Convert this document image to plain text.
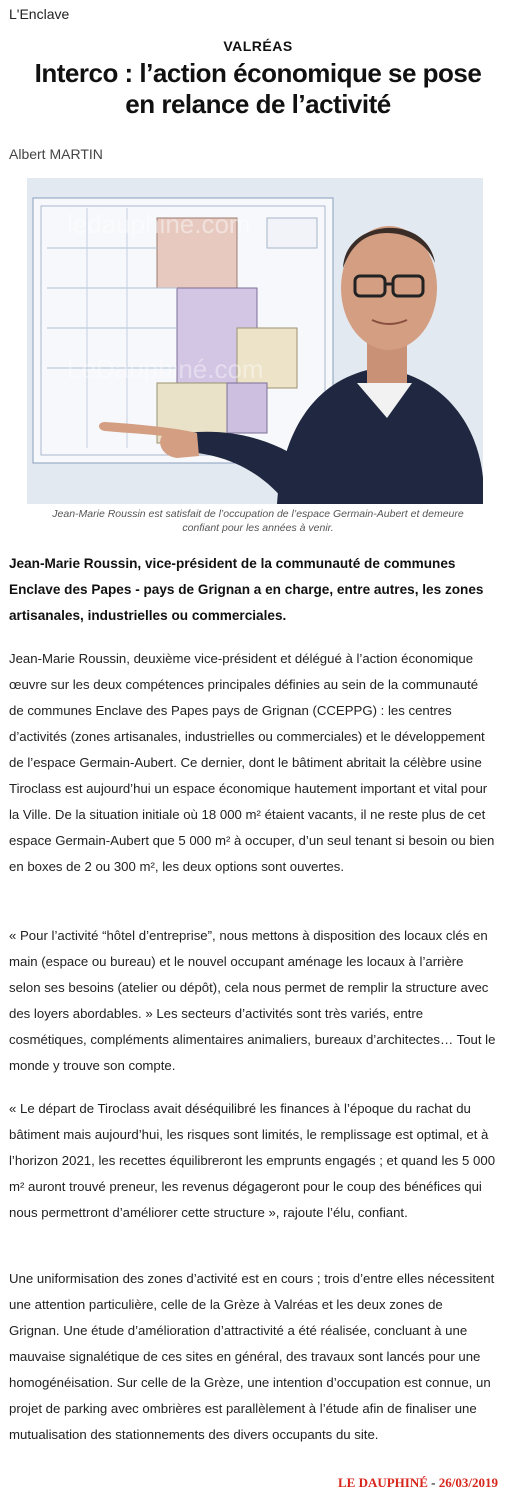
L'Enclave
VALRÉAS
Interco : l’action économique se pose
en relance de l’activité
Albert MARTIN
ledauphine.com
LeDauphiné.com
Jean-Marie Roussin est satisfait de l’occupation de l’espace Germain-Aubert et demeure
confiant pour les années à venir.
Jean-Marie Roussin, vice-président de la communauté de communes Enclave des Papes - pays de Grignan a en charge, entre autres, les zones artisanales, industrielles ou commerciales.
Jean-Marie Roussin, deuxième vice-président et délégué à l’action économique œuvre sur les deux compétences principales définies au sein de la communauté de communes Enclave des Papes pays de Grignan (CCEPPG) : les centres d’activités (zones artisanales, industrielles ou commerciales) et le développement de l’espace Germain-Aubert. Ce dernier, dont le bâtiment abritait la célèbre usine Tiroclass est aujourd’hui un espace économique hautement important et vital pour la Ville. De la situation initiale où 18 000 m² étaient vacants, il ne reste plus de cet espace Germain-Aubert que 5 000 m² à occuper, d’un seul tenant si besoin ou bien en boxes de 2 ou 300 m², les deux options sont ouvertes.
« Pour l’activité “hôtel d’entreprise”, nous mettons à disposition des locaux clés en main (espace ou bureau) et le nouvel occupant aménage les locaux à l’arrière selon ses besoins (atelier ou dépôt), cela nous permet de remplir la structure avec des loyers abordables. » Les secteurs d’activités sont très variés, entre cosmétiques, compléments alimentaires animaliers, bureaux d’architectes… Tout le monde y trouve son compte.
« Le départ de Tiroclass avait déséquilibré les finances à l’époque du rachat du bâtiment mais aujourd’hui, les risques sont limités, le remplissage est optimal, et à l’horizon 2021, les recettes équilibreront les emprunts engagés ; et quand les 5 000 m² auront trouvé preneur, les revenus dégageront pour le coup des bénéfices qui nous permettront d’améliorer cette structure », rajoute l’élu, confiant.
Une uniformisation des zones d’activité est en cours ; trois d’entre elles nécessitent une attention particulière, celle de la Grèze à Valréas et les deux zones de Grignan. Une étude d’amélioration d’attractivité a été réalisée, concluant à une mauvaise signalétique de ces sites en général, des travaux sont lancés pour une homogénéisation. Sur celle de la Grèze, une intention d’occupation est connue, un projet de parking avec ombrières est parallèlement à l’étude afin de finaliser une mutualisation des stationnements des divers occupants du site.
LE DAUPHINÉ - 26/03/2019
